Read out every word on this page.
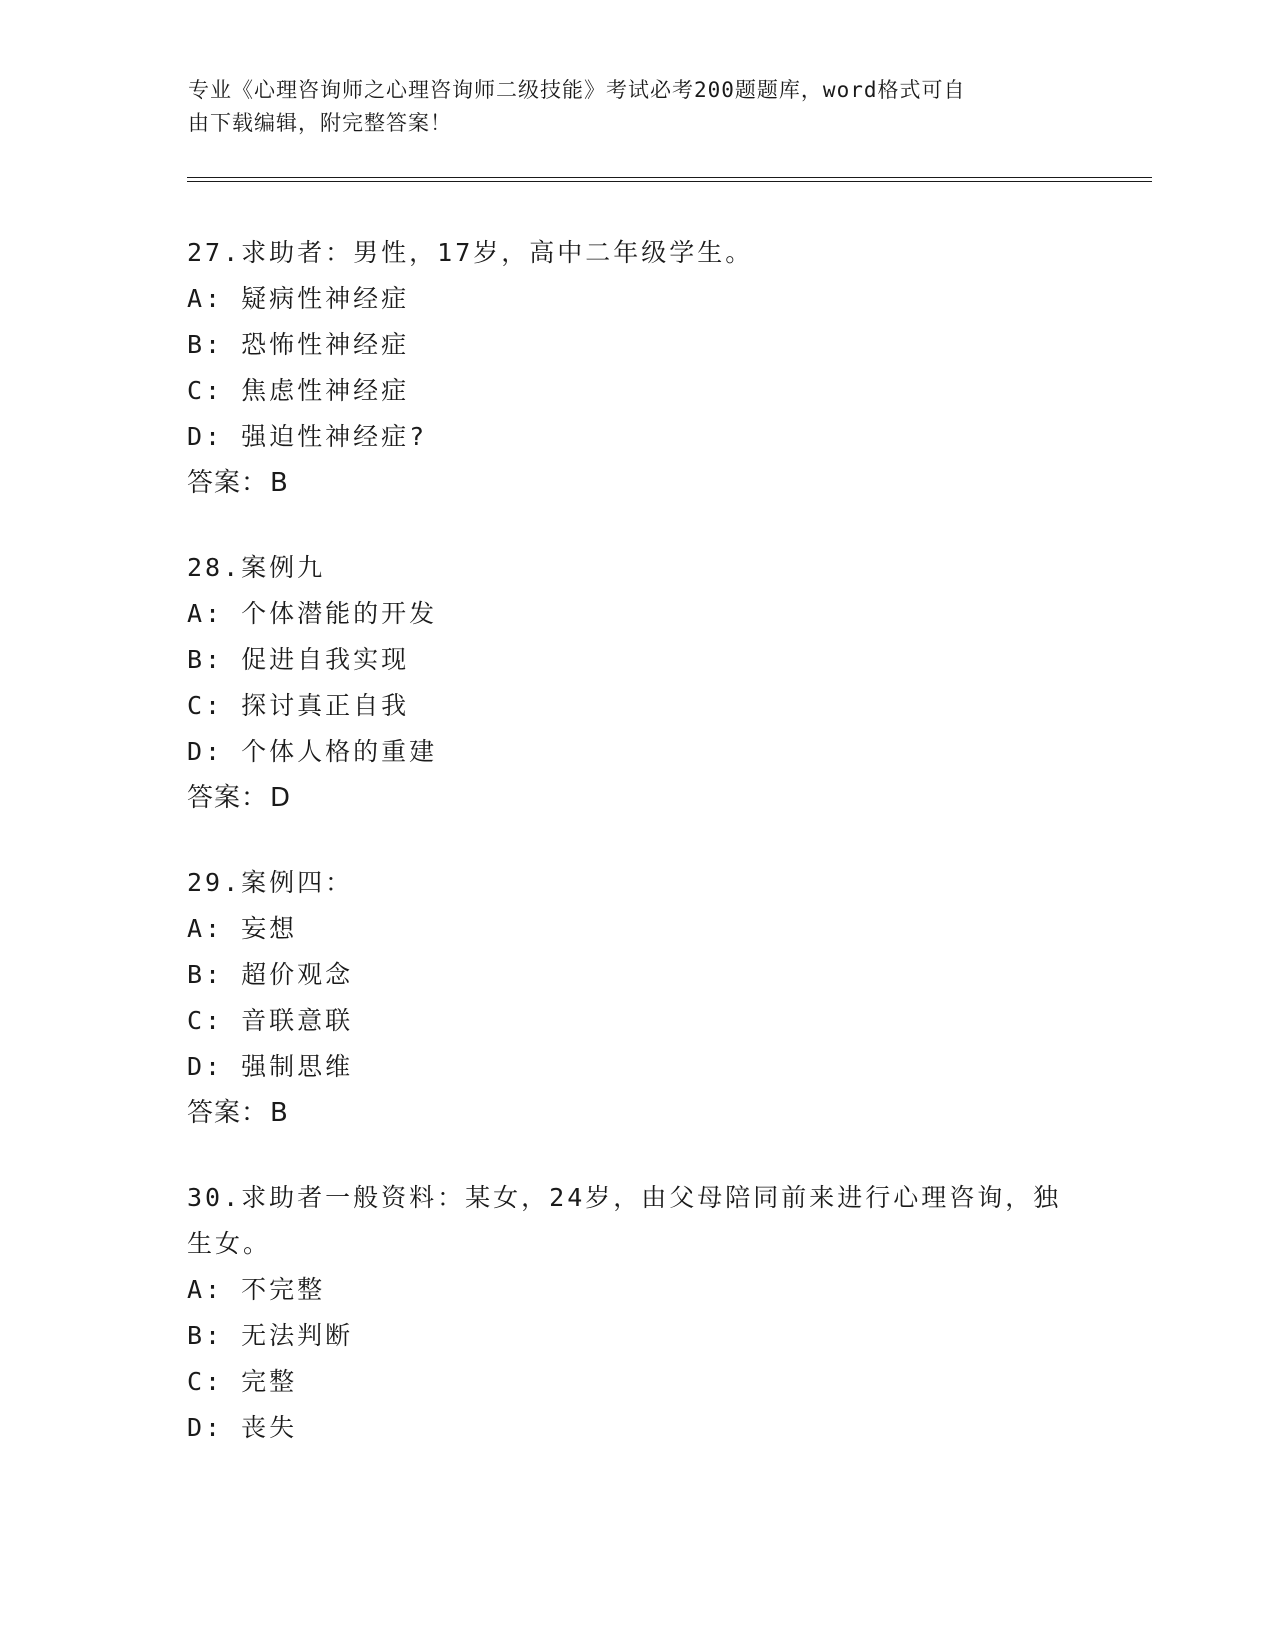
专业《心理咨询师之心理咨询师二级技能》考试必考200题题库，word格式可自
由下载编辑，附完整答案！
27.求助者：男性，17岁，高中二年级学生。
A: 疑病性神经症
B: 恐怖性神经症
C: 焦虑性神经症
D: 强迫性神经症?
答案：B
28.案例九
A: 个体潜能的开发
B: 促进自我实现
C: 探讨真正自我
D: 个体人格的重建
答案：D
29.案例四：
A: 妄想
B: 超价观念
C: 音联意联
D: 强制思维
答案：B
30.求助者一般资料：某女，24岁，由父母陪同前来进行心理咨询，独
生女。
A: 不完整
B: 无法判断
C: 完整
D: 丧失
